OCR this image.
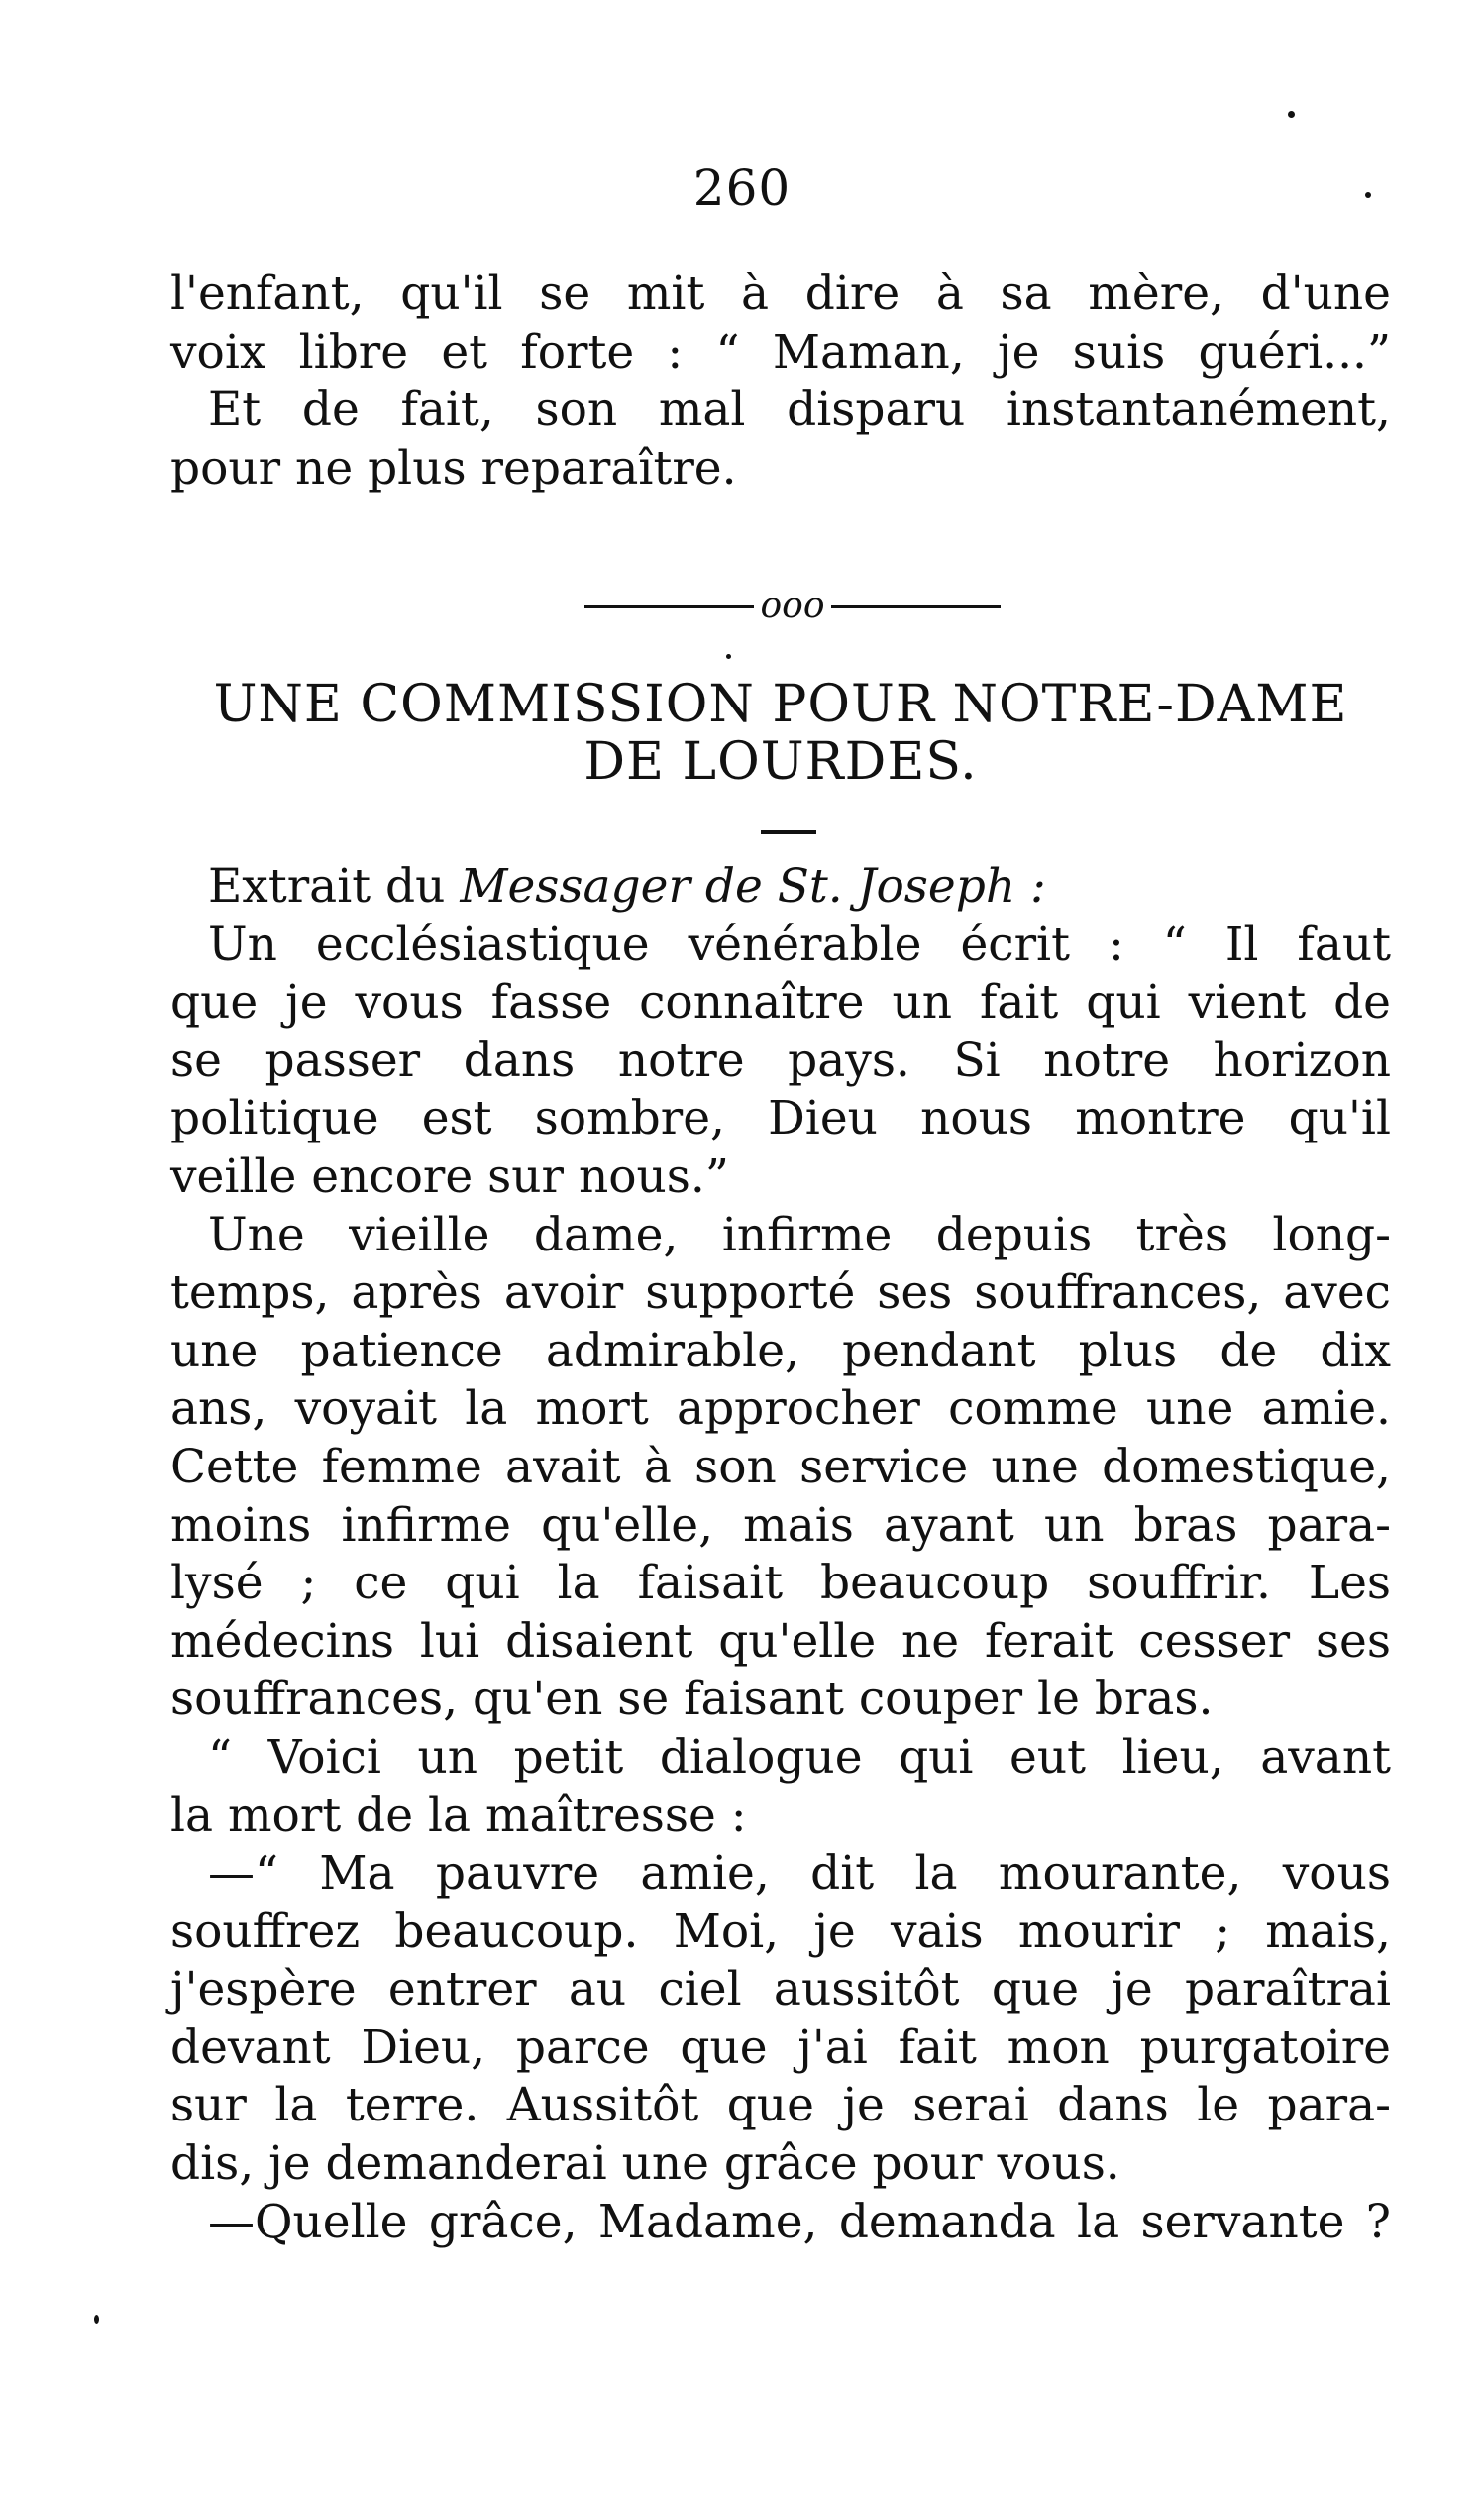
260
l'enfant, qu'il se mit à dire à sa mère, d'une
voix libre et forte : “ Maman, je suis guéri...”
Et de fait, son mal disparu instantanément,
pour ne plus reparaître.
ooo
UNE COMMISSION POUR NOTRE-DAME
DE LOURDES.
Extrait du Messager de St. Joseph :
Un ecclésiastique vénérable écrit : “ Il faut
que je vous fasse connaître un fait qui vient de
se passer dans notre pays. Si notre horizon
politique est sombre, Dieu nous montre qu'il
veille encore sur nous.”
Une vieille dame, infirme depuis très long-
temps, après avoir supporté ses souffrances, avec
une patience admirable, pendant plus de dix
ans, voyait la mort approcher comme une amie.
Cette femme avait à son service une domestique,
moins infirme qu'elle, mais ayant un bras para-
lysé ; ce qui la faisait beaucoup souffrir. Les
médecins lui disaient qu'elle ne ferait cesser ses
souffrances, qu'en se faisant couper le bras.
“ Voici un petit dialogue qui eut lieu, avant
la mort de la maîtresse :
—“ Ma pauvre amie, dit la mourante, vous
souffrez beaucoup. Moi, je vais mourir ; mais,
j'espère entrer au ciel aussitôt que je paraîtrai
devant Dieu, parce que j'ai fait mon purgatoire
sur la terre. Aussitôt que je serai dans le para-
dis, je demanderai une grâce pour vous.
—Quelle grâce, Madame, demanda la servante ?
